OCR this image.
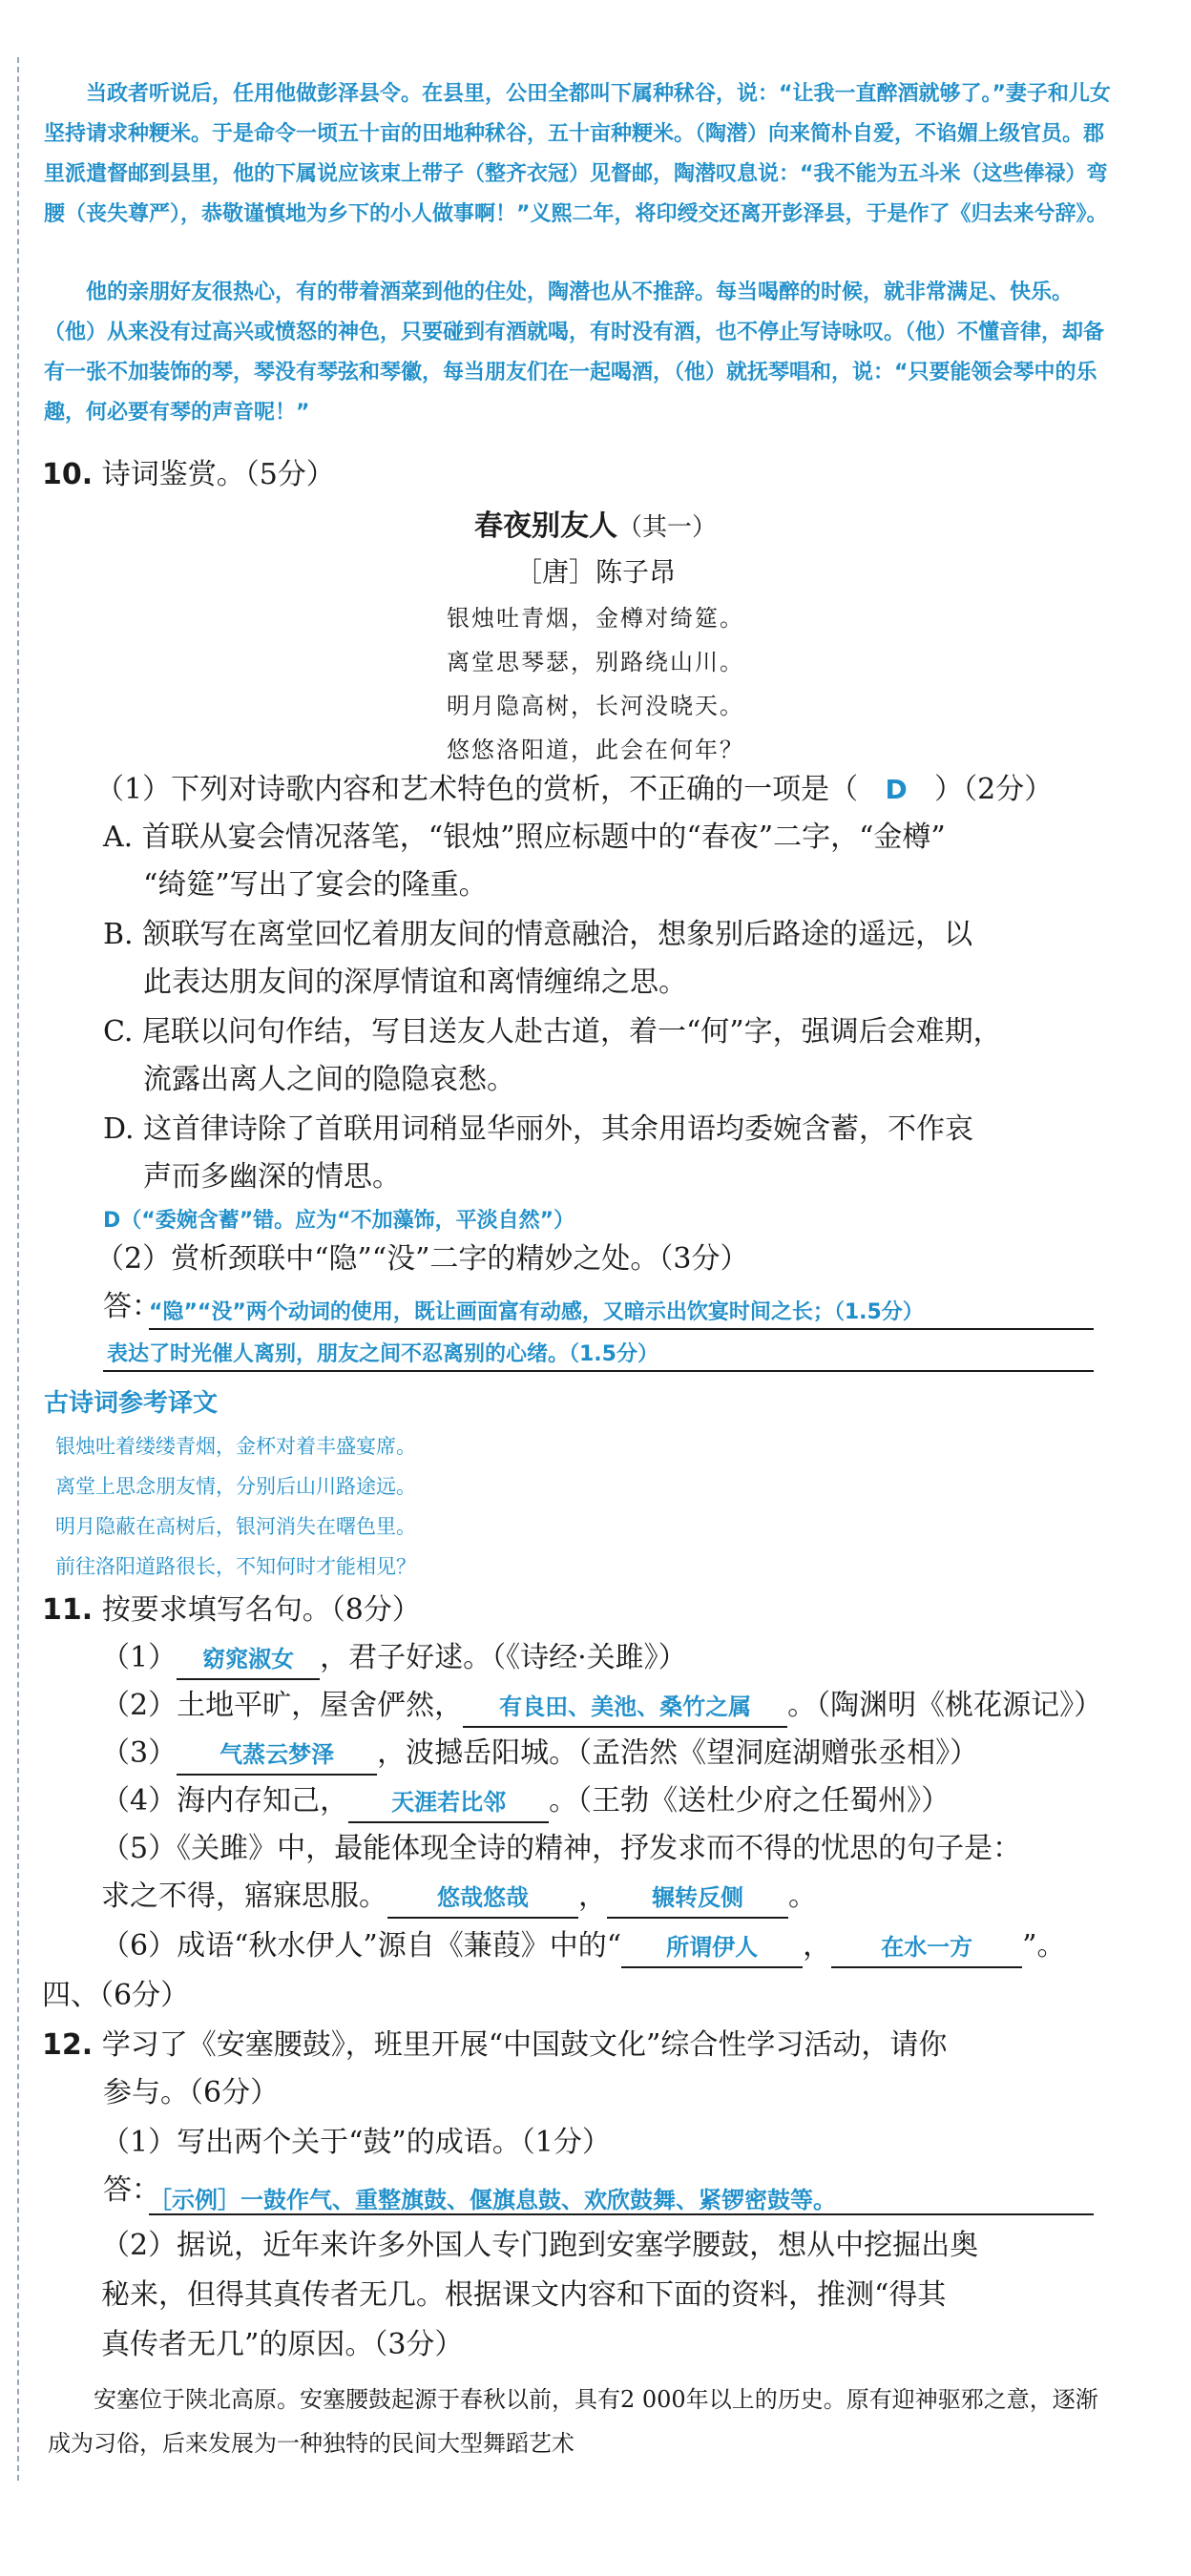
当政者听说后，任用他做彭泽县令。在县里，公田全都叫下属种秫谷，说：“让我一直醉酒就够了。”妻子和儿女坚持请求种粳米。于是命令一顷五十亩的田地种秫谷，五十亩种粳米。（陶潜）向来简朴自爱，不谄媚上级官员。郡里派遣督邮到县里，他的下属说应该束上带子（整齐衣冠）见督邮，陶潜叹息说：“我不能为五斗米（这些俸禄）弯腰（丧失尊严），恭敬谨慎地为乡下的小人做事啊！”义熙二年，将印绶交还离开彭泽县，于是作了《归去来兮辞》。
他的亲朋好友很热心，有的带着酒菜到他的住处，陶潜也从不推辞。每当喝醉的时候，就非常满足、快乐。（他）从来没有过高兴或愤怒的神色，只要碰到有酒就喝，有时没有酒，也不停止写诗咏叹。（他）不懂音律，却备有一张不加装饰的琴，琴没有琴弦和琴徽，每当朋友们在一起喝酒，（他）就抚琴唱和，说：“只要能领会琴中的乐趣，何必要有琴的声音呢！”
10. 诗词鉴赏。（5分）
春夜别友人（其一）
［唐］陈子昂
银烛吐青烟，金樽对绮筵。
离堂思琴瑟，别路绕山川。
明月隐高树，长河没晓天。
悠悠洛阳道，此会在何年？
（1）下列对诗歌内容和艺术特色的赏析，不正确的一项是（ D ）（2分）
A. 首联从宴会情况落笔，“银烛”照应标题中的“春夜”二字，“金樽”
“绮筵”写出了宴会的隆重。
B. 颔联写在离堂回忆着朋友间的情意融洽，想象别后路途的遥远，以
此表达朋友间的深厚情谊和离情缠绵之思。
C. 尾联以问句作结，写目送友人赴古道，着一“何”字，强调后会难期，
流露出离人之间的隐隐哀愁。
D. 这首律诗除了首联用词稍显华丽外，其余用语均委婉含蓄，不作哀
声而多幽深的情思。
D（“委婉含蓄”错。应为“不加藻饰，平淡自然”）
（2）赏析颈联中“隐”“没”二字的精妙之处。（3分）
答：
“隐”“没”两个动词的使用，既让画面富有动感，又暗示出饮宴时间之长；（1.5分）
表达了时光催人离别，朋友之间不忍离别的心绪。（1.5分）
古诗词参考译文
银烛吐着缕缕青烟，金杯对着丰盛宴席。
离堂上思念朋友情，分别后山川路途远。
明月隐蔽在高树后，银河消失在曙色里。
前往洛阳道路很长，不知何时才能相见？
11. 按要求填写名句。（8分）
（1） 窈窕淑女 ，君子好逑。（《诗经·关雎》）
（2）土地平旷，屋舍俨然， 有良田、美池、桑竹之属 。（陶渊明《桃花源记》）
（3） 气蒸云梦泽 ，波撼岳阳城。（孟浩然《望洞庭湖赠张丞相》）
（4）海内存知己， 天涯若比邻 。（王勃《送杜少府之任蜀州》）
（5）《关雎》中，最能体现全诗的精神，抒发求而不得的忧思的句子是：
求之不得，寤寐思服。 悠哉悠哉 ， 辗转反侧 。
（6）成语“秋水伊人”源自《蒹葭》中的“ 所谓伊人 ， 在水一方 ”。
四、（6分）
12. 学习了《安塞腰鼓》，班里开展“中国鼓文化”综合性学习活动，请你
参与。（6分）
（1）写出两个关于“鼓”的成语。（1分）
答：
［示例］一鼓作气、重整旗鼓、偃旗息鼓、欢欣鼓舞、紧锣密鼓等。
（2）据说，近年来许多外国人专门跑到安塞学腰鼓，想从中挖掘出奥
秘来，但得其真传者无几。根据课文内容和下面的资料，推测“得其
真传者无几”的原因。（3分）
安塞位于陕北高原。安塞腰鼓起源于春秋以前，具有2 000年以上的历史。原有迎神驱邪之意，逐渐成为习俗，后来发展为一种独特的民间大型舞蹈艺术
